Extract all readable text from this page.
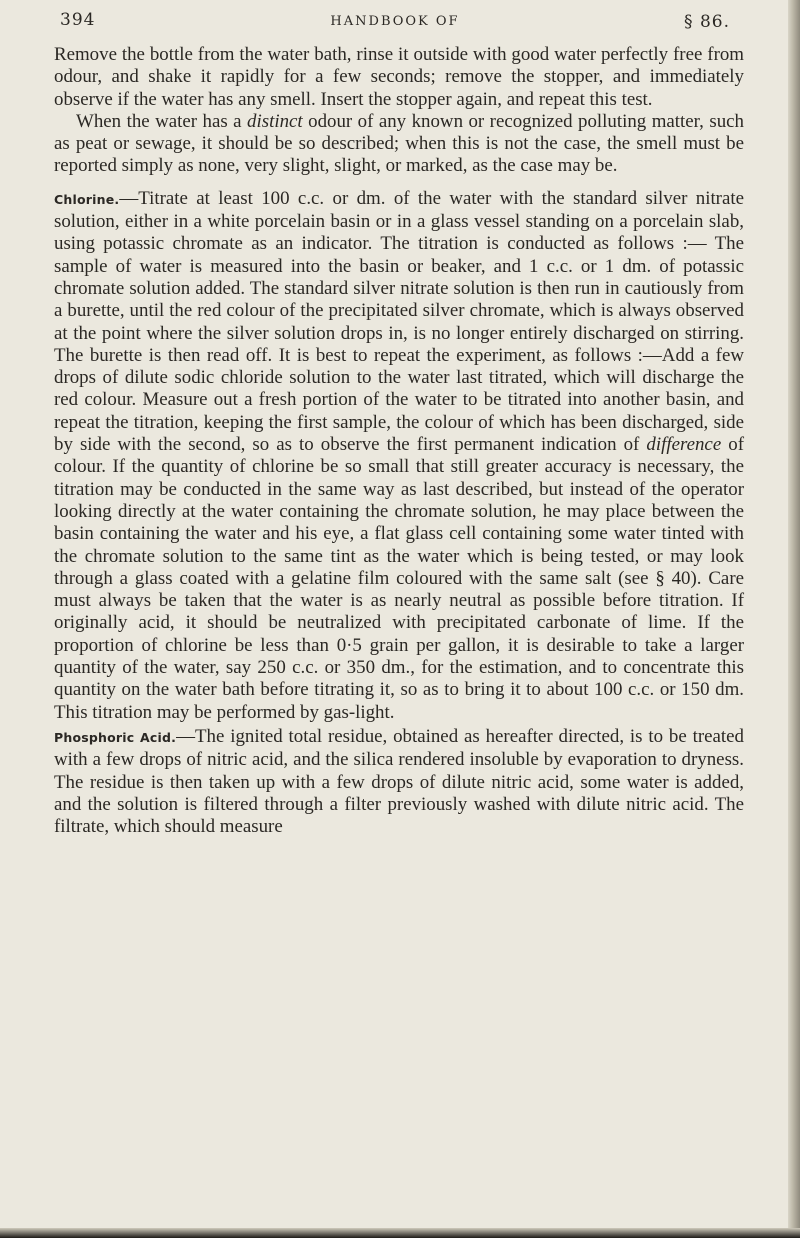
394	HANDBOOK OF	§ 86.

Remove the bottle from the water bath, rinse it outside with good water perfectly free from odour, and shake it rapidly for a few seconds; remove the stopper, and immediately observe if the water has any smell. Insert the stopper again, and repeat this test.

When the water has a distinct odour of any known or recognized polluting matter, such as peat or sewage, it should be so described; when this is not the case, the smell must be reported simply as none, very slight, slight, or marked, as the case may be.

Chlorine.—Titrate at least 100 c.c. or dm. of the water with the standard silver nitrate solution, either in a white porcelain basin or in a glass vessel standing on a porcelain slab, using potassic chromate as an indicator. The titration is conducted as follows :— The sample of water is measured into the basin or beaker, and 1 c.c. or 1 dm. of potassic chromate solution added. The standard silver nitrate solution is then run in cautiously from a burette, until the red colour of the precipitated silver chromate, which is always observed at the point where the silver solution drops in, is no longer entirely discharged on stirring. The burette is then read off. It is best to repeat the experiment, as follows :—Add a few drops of dilute sodic chloride solution to the water last titrated, which will discharge the red colour. Measure out a fresh portion of the water to be titrated into another basin, and repeat the titration, keeping the first sample, the colour of which has been discharged, side by side with the second, so as to observe the first permanent indication of difference of colour. If the quantity of chlorine be so small that still greater accuracy is necessary, the titration may be conducted in the same way as last described, but instead of the operator looking directly at the water containing the chromate solution, he may place between the basin containing the water and his eye, a flat glass cell containing some water tinted with the chromate solution to the same tint as the water which is being tested, or may look through a glass coated with a gelatine film coloured with the same salt (see § 40). Care must always be taken that the water is as nearly neutral as possible before titration. If originally acid, it should be neutralized with precipitated carbonate of lime. If the proportion of chlorine be less than 0·5 grain per gallon, it is desirable to take a larger quantity of the water, say 250 c.c. or 350 dm., for the estimation, and to concentrate this quantity on the water bath before titrating it, so as to bring it to about 100 c.c. or 150 dm. This titration may be performed by gas-light.

Phosphoric Acid.—The ignited total residue, obtained as hereafter directed, is to be treated with a few drops of nitric acid, and the silica rendered insoluble by evaporation to dryness. The residue is then taken up with a few drops of dilute nitric acid, some water is added, and the solution is filtered through a filter previously washed with dilute nitric acid. The filtrate, which should measure
